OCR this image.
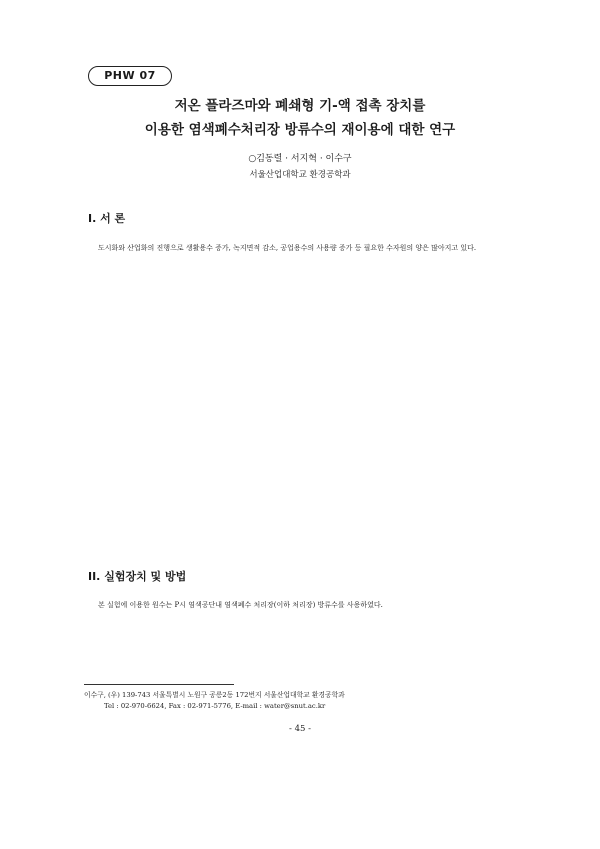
PHW 07
저온 플라즈마와 폐쇄형 기-액 접촉 장치를
이용한 염색폐수처리장 방류수의 재이용에 대한 연구
○김동렬 · 서지혁 · 이수구
서울산업대학교 환경공학과
I. 서 론

도시화와 산업화의 진행으로 생활용수 증가, 녹지면적 감소, 공업용수의 사용량 증가 등 필요한 수자원의 양은 많아지고 있다.

II. 실험장치 및 방법

본 실험에 이용한 원수는 P시 염색공단내 염색폐수 처리장(이하 처리장) 방류수를 사용하였다.

이수구, (우) 139-743 서울특별시 노원구 공릉2동 172번지 서울산업대학교 환경공학과
Tel : 02-970-6624, Fax : 02-971-5776, E-mail : water@snut.ac.kr
- 45 -
